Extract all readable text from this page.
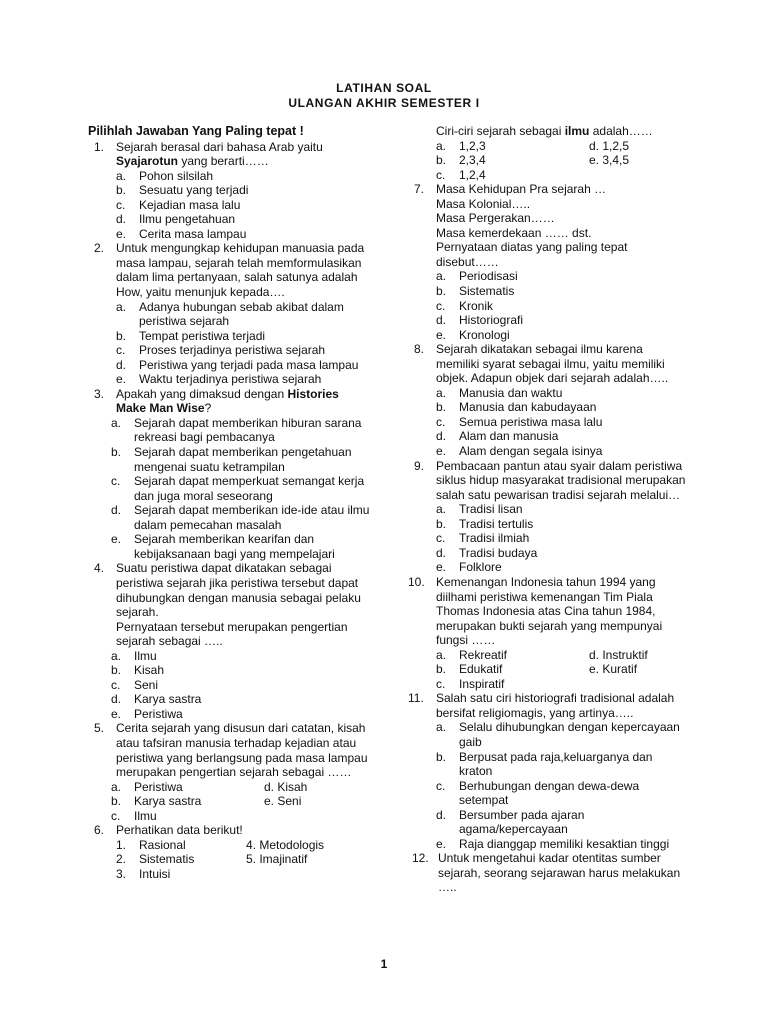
LATIHAN SOAL
ULANGAN AKHIR SEMESTER I
Pilihlah Jawaban Yang Paling tepat !
1. Sejarah berasal dari bahasa Arab yaitu
Syajarotun yang berarti……
a. Pohon silsilah
b. Sesuatu yang terjadi
c. Kejadian masa lalu
d. Ilmu pengetahuan
e. Cerita masa lampau
2. Untuk mengungkap kehidupan manuasia pada masa lampau, sejarah telah memformulasikan dalam lima pertanyaan, salah satunya adalah How, yaitu menunjuk kepada….
a. Adanya hubungan sebab akibat dalam peristiwa sejarah
b. Tempat peristiwa terjadi
c. Proses terjadinya peristiwa sejarah
d. Peristiwa yang terjadi pada masa lampau
e. Waktu terjadinya peristiwa sejarah
3. Apakah yang dimaksud dengan Histories Make Man Wise?
a. Sejarah dapat memberikan hiburan sarana rekreasi bagi pembacanya
b. Sejarah dapat memberikan pengetahuan mengenai suatu ketrampilan
c. Sejarah dapat memperkuat semangat kerja dan juga moral seseorang
d. Sejarah dapat memberikan ide-ide atau ilmu dalam pemecahan masalah
e. Sejarah memberikan kearifan dan kebijaksanaan bagi yang mempelajari
4. Suatu peristiwa dapat dikatakan sebagai peristiwa sejarah jika peristiwa tersebut dapat dihubungkan dengan manusia sebagai pelaku sejarah.
Pernyataan tersebut merupakan pengertian sejarah sebagai …..
a. Ilmu
b. Kisah
c. Seni
d. Karya sastra
e. Peristiwa
5. Cerita sejarah yang disusun dari catatan, kisah atau tafsiran manusia terhadap kejadian atau peristiwa yang berlangsung pada masa lampau merupakan pengertian sejarah sebagai ……
a. Peristiwa	d. Kisah
b. Karya sastra	e. Seni
c. Ilmu
6. Perhatikan data berikut!
1. Rasional	4. Metodologis
2. Sistematis	5. Imajinatif
3. Intuisi
Ciri-ciri sejarah sebagai ilmu adalah……
a. 1,2,3	d. 1,2,5
b. 2,3,4	e. 3,4,5
c. 1,2,4
7. Masa Kehidupan Pra sejarah …
Masa Kolonial…..
Masa Pergerakan……
Masa kemerdekaan …… dst.
Pernyataan diatas yang paling tepat disebut……
a. Periodisasi
b. Sistematis
c. Kronik
d. Historiografi
e. Kronologi
8. Sejarah dikatakan sebagai ilmu karena memiliki syarat sebagai ilmu, yaitu memiliki objek. Adapun objek dari sejarah adalah…..
a. Manusia dan waktu
b. Manusia dan kabudayaan
c. Semua peristiwa masa lalu
d. Alam dan manusia
e. Alam dengan segala isinya
9. Pembacaan pantun atau syair dalam peristiwa siklus hidup masyarakat tradisional merupakan salah satu pewarisan tradisi sejarah melalui…
a. Tradisi lisan
b. Tradisi tertulis
c. Tradisi ilmiah
d. Tradisi budaya
e. Folklore
10. Kemenangan Indonesia tahun 1994 yang diilhami peristiwa kemenangan Tim Piala Thomas Indonesia atas Cina tahun 1984, merupakan bukti sejarah yang mempunyai fungsi ……
a. Rekreatif	d. Instruktif
b. Edukatif	e. Kuratif
c. Inspiratif
11. Salah satu ciri historiografi tradisional adalah bersifat religiomagis, yang artinya…..
a. Selalu dihubungkan dengan kepercayaan gaib
b. Berpusat pada raja,keluarganya dan kraton
c. Berhubungan dengan dewa-dewa setempat
d. Bersumber pada ajaran agama/kepercayaan
e. Raja dianggap memiliki kesaktian tinggi
12. Untuk mengetahui kadar otentitas sumber sejarah, seorang sejarawan harus melakukan …..
1
